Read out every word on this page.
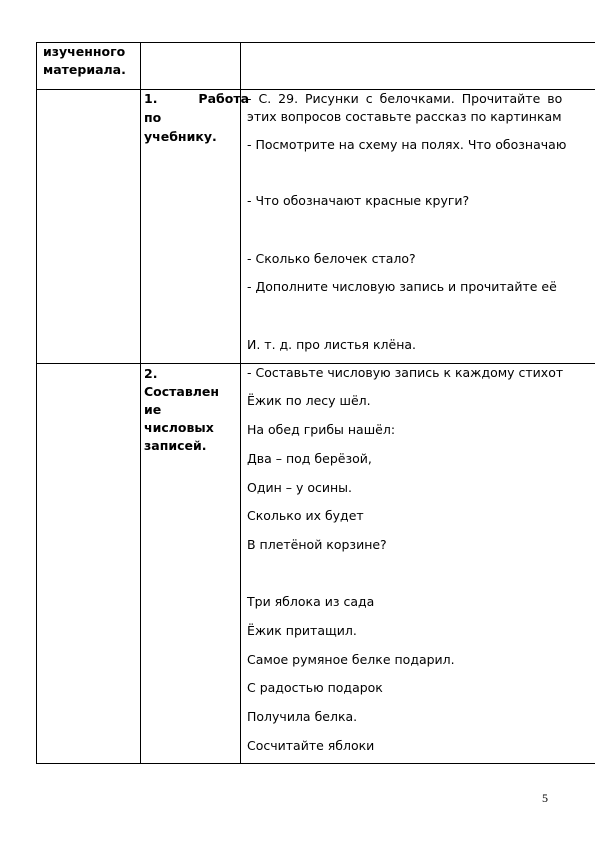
изученного
материала.
1.	Работа
по
учебнику.
- С. 29. Рисунки с белочками. Прочитайте во
этих вопросов составьте рассказ по картинкам
- Посмотрите на схему на полях. Что обозначаю
- Что обозначают красные круги?
- Сколько белочек стало?
- Дополните числовую запись и прочитайте её
И. т. д. про листья клёна.
2.
Составлен
ие
числовых
записей.
- Составьте числовую запись к каждому стихот
Ёжик по лесу шёл.
На обед грибы нашёл:
Два – под берёзой,
Один – у осины.
Сколько их будет
В плетёной корзине?
Три яблока из сада
Ёжик притащил.
Самое румяное белке подарил.
С радостью подарок
Получила белка.
Сосчитайте яблоки
5
